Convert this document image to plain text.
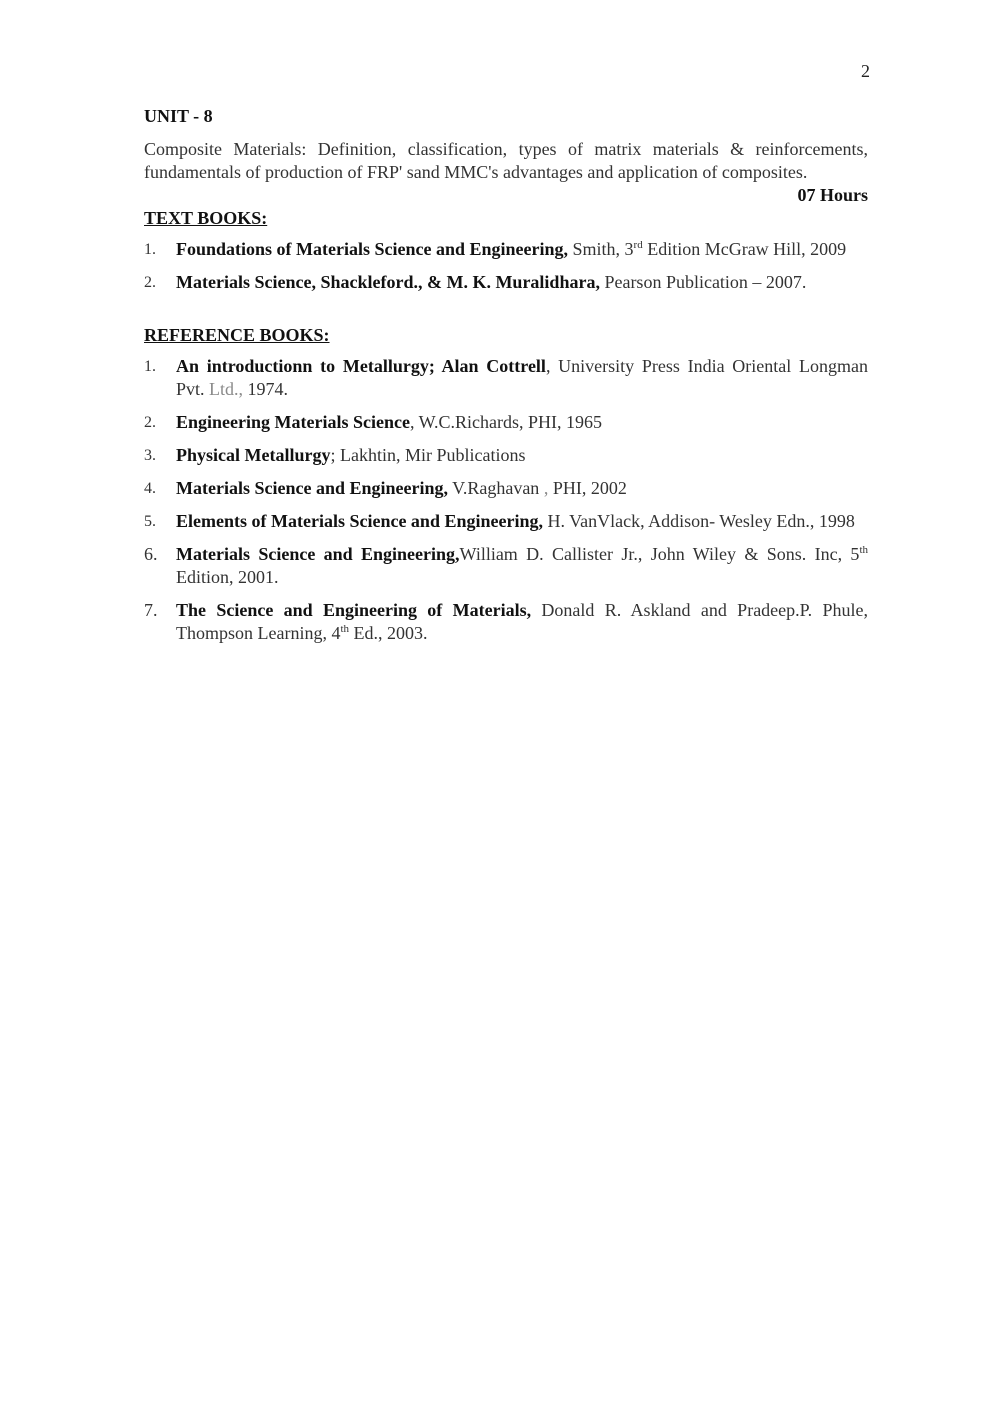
2

UNIT - 8

Composite Materials: Definition, classification, types of matrix materials & reinforcements, fundamentals of production of FRP' sand MMC's advantages and application of composites.

07 Hours

TEXT BOOKS:

1. Foundations of Materials Science and Engineering, Smith, 3rd Edition McGraw Hill, 2009
2. Materials Science, Shackleford., & M. K. Muralidhara, Pearson Publication – 2007.

REFERENCE BOOKS:

1. An introductionn to Metallurgy; Alan Cottrell, University Press India Oriental Longman Pvt. Ltd., 1974.
2. Engineering Materials Science, W.C.Richards, PHI, 1965
3. Physical Metallurgy; Lakhtin, Mir Publications
4. Materials Science and Engineering, V.Raghavan , PHI, 2002
5. Elements of Materials Science and Engineering, H. VanVlack, Addison- Wesley Edn., 1998
6. Materials Science and Engineering,William D. Callister Jr., John Wiley & Sons. Inc, 5th Edition, 2001.
7. The Science and Engineering of Materials, Donald R. Askland and Pradeep.P. Phule, Thompson Learning, 4th Ed., 2003.
